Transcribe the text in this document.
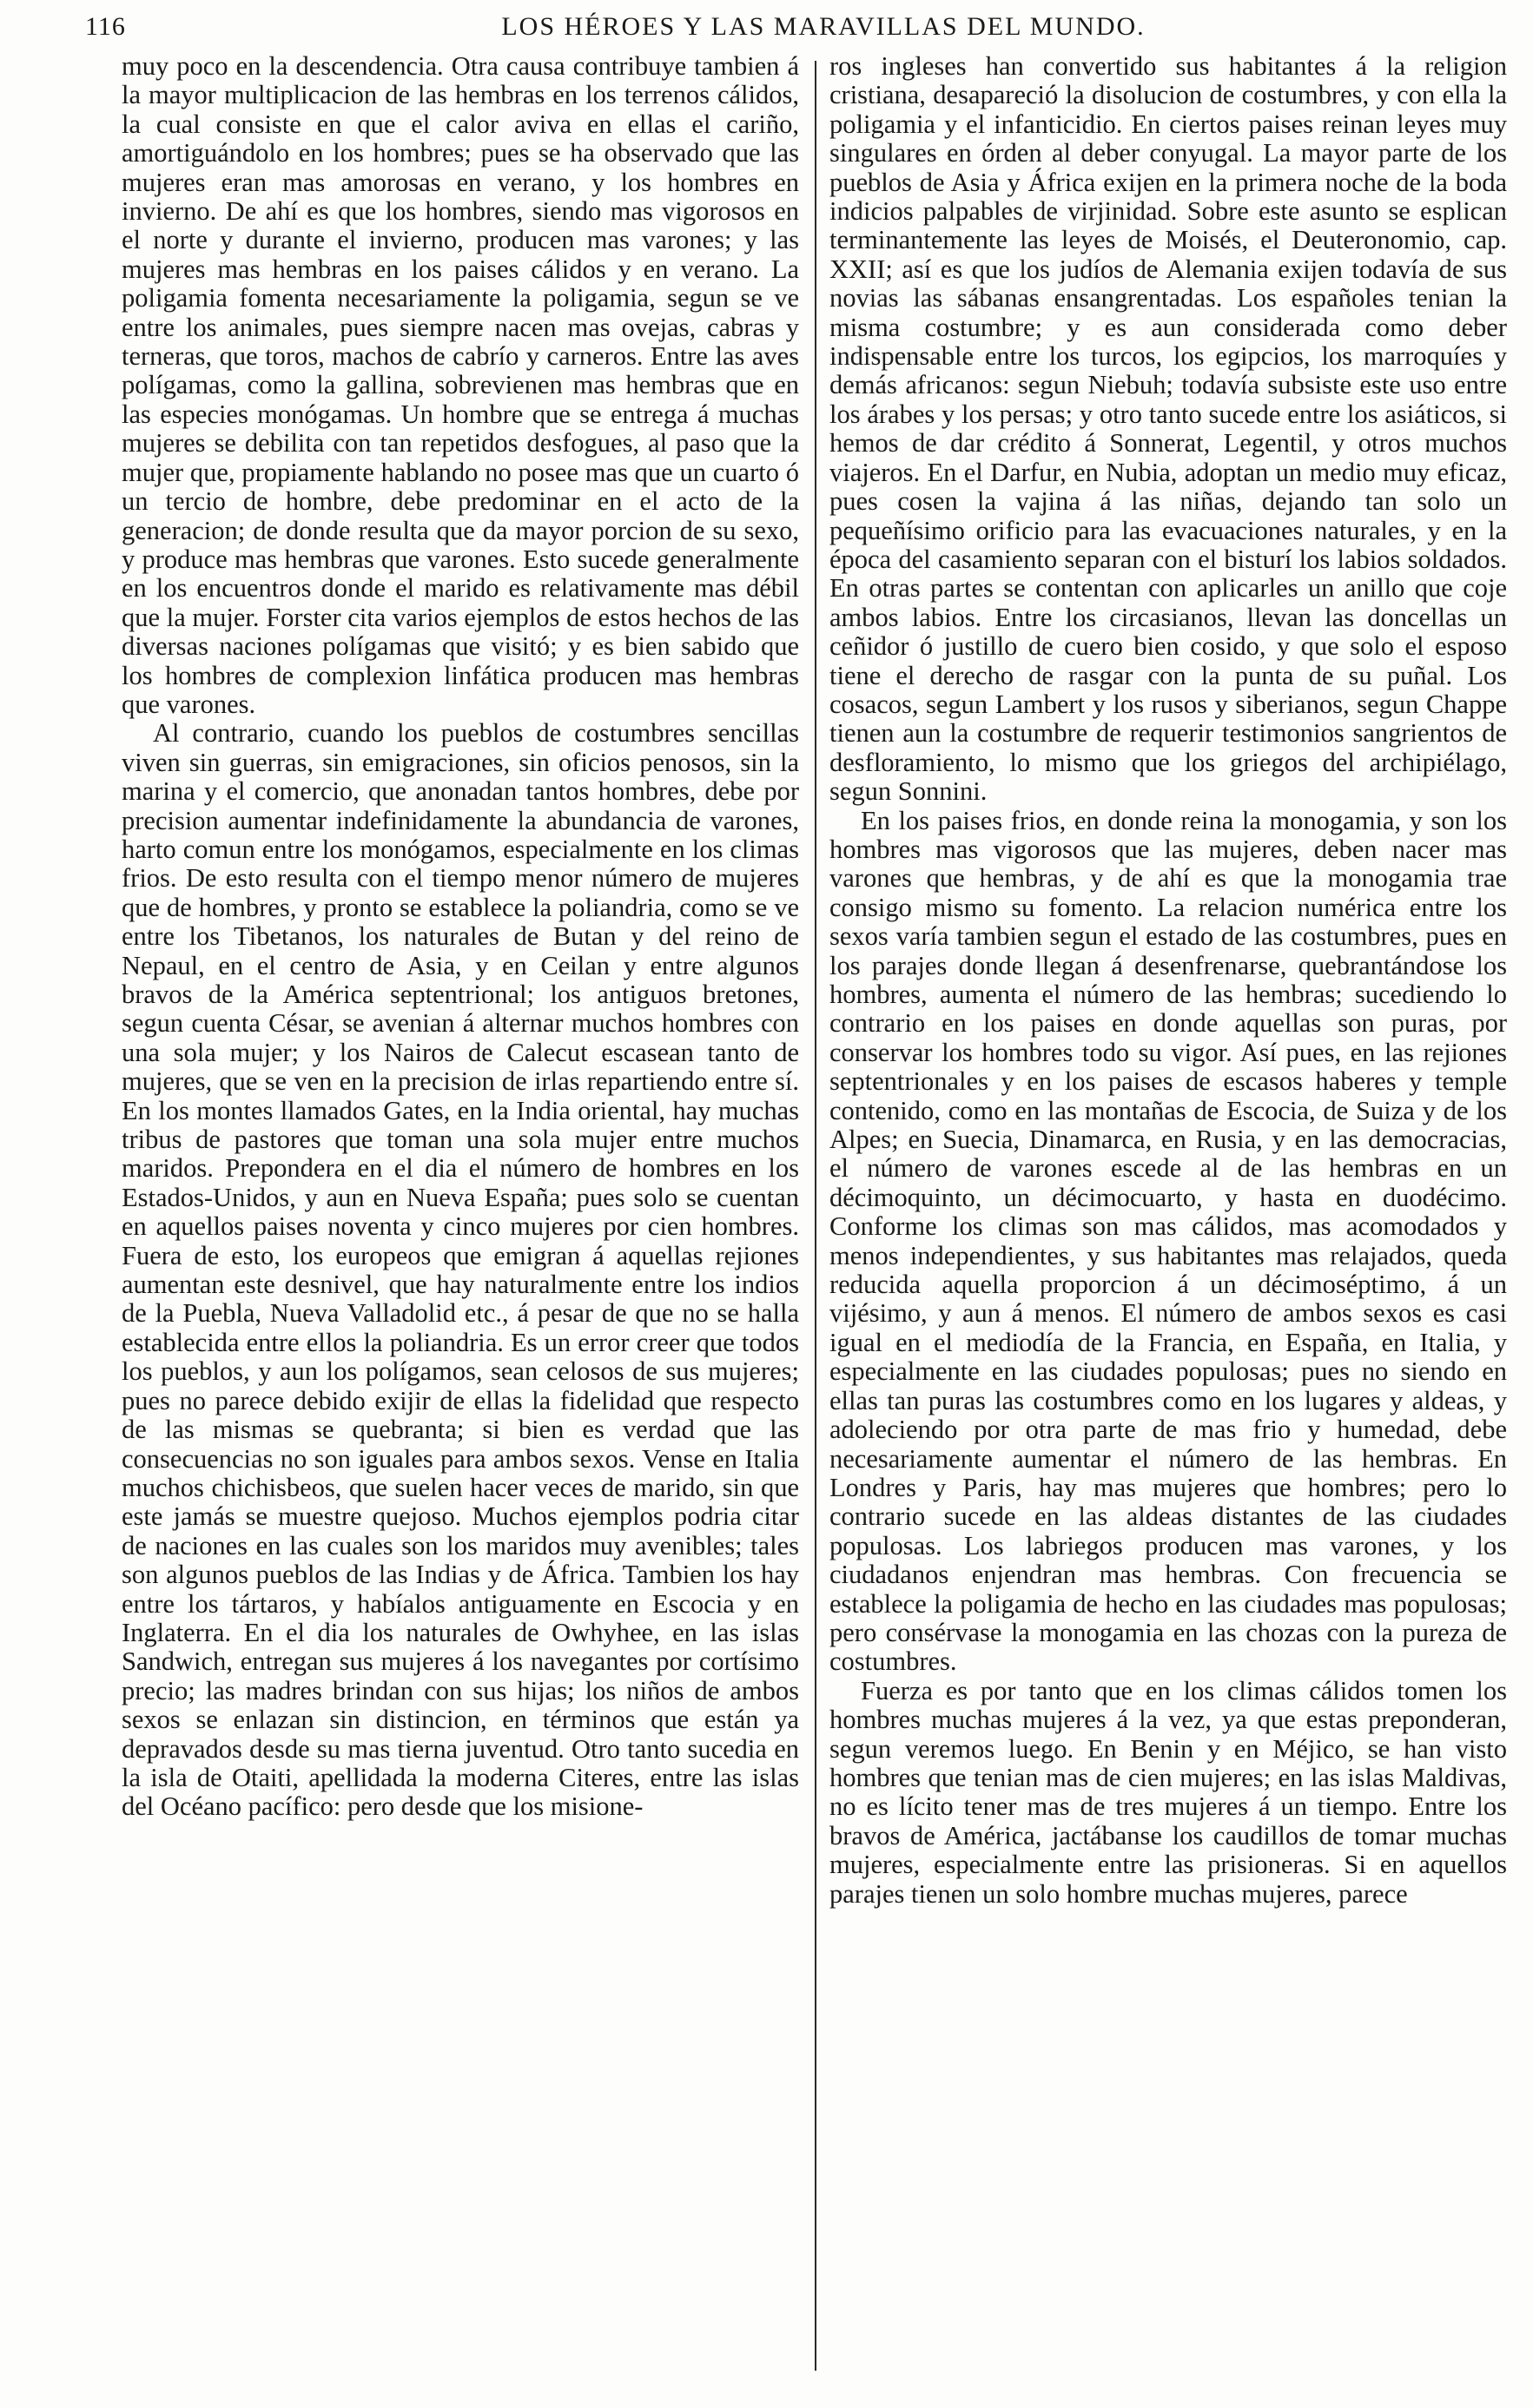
116	LOS HÉROES Y LAS MARAVILLAS DEL MUNDO.

muy poco en la descendencia. Otra causa contribuye tambien á la mayor multiplicacion de las hembras en los terrenos cálidos, la cual consiste en que el calor aviva en ellas el cariño, amortiguándolo en los hombres; pues se ha observado que las mujeres eran mas amorosas en verano, y los hombres en invierno. De ahí es que los hombres, siendo mas vigorosos en el norte y durante el invierno, producen mas varones; y las mujeres mas hembras en los paises cálidos y en verano. La poligamia fomenta necesariamente la poligamia, segun se ve entre los animales, pues siempre nacen mas ovejas, cabras y terneras, que toros, machos de cabrío y carneros. Entre las aves polígamas, como la gallina, sobrevienen mas hembras que en las especies monógamas. Un hombre que se entrega á muchas mujeres se debilita con tan repetidos desfogues, al paso que la mujer que, propiamente hablando no posee mas que un cuarto ó un tercio de hombre, debe predominar en el acto de la generacion; de donde resulta que da mayor porcion de su sexo, y produce mas hembras que varones. Esto sucede generalmente en los encuentros donde el marido es relativamente mas débil que la mujer. Forster cita varios ejemplos de estos hechos de las diversas naciones polígamas que visitó; y es bien sabido que los hombres de complexion linfática producen mas hembras que varones.

Al contrario, cuando los pueblos de costumbres sencillas viven sin guerras, sin emigraciones, sin oficios penosos, sin la marina y el comercio, que anonadan tantos hombres, debe por precision aumentar indefinidamente la abundancia de varones, harto comun entre los monógamos, especialmente en los climas frios. De esto resulta con el tiempo menor número de mujeres que de hombres, y pronto se establece la poliandria, como se ve entre los Tibetanos, los naturales de Butan y del reino de Nepaul, en el centro de Asia, y en Ceilan y entre algunos bravos de la América septentrional; los antiguos bretones, segun cuenta César, se avenian á alternar muchos hombres con una sola mujer; y los Nairos de Calecut escasean tanto de mujeres, que se ven en la precision de irlas repartiendo entre sí. En los montes llamados Gates, en la India oriental, hay muchas tribus de pastores que toman una sola mujer entre muchos maridos. Prepondera en el dia el número de hombres en los Estados-Unidos, y aun en Nueva España; pues solo se cuentan en aquellos paises noventa y cinco mujeres por cien hombres. Fuera de esto, los europeos que emigran á aquellas rejiones aumentan este desnivel, que hay naturalmente entre los indios de la Puebla, Nueva Valladolid etc., á pesar de que no se halla establecida entre ellos la poliandria. Es un error creer que todos los pueblos, y aun los polígamos, sean celosos de sus mujeres; pues no parece debido exijir de ellas la fidelidad que respecto de las mismas se quebranta; si bien es verdad que las consecuencias no son iguales para ambos sexos. Vense en Italia muchos chichisbeos, que suelen hacer veces de marido, sin que este jamás se muestre quejoso. Muchos ejemplos podria citar de naciones en las cuales son los maridos muy avenibles; tales son algunos pueblos de las Indias y de África. Tambien los hay entre los tártaros, y habíalos antiguamente en Escocia y en Inglaterra. En el dia los naturales de Owhyhee, en las islas Sandwich, entregan sus mujeres á los navegantes por cortísimo precio; las madres brindan con sus hijas; los niños de ambos sexos se enlazan sin distincion, en términos que están ya depravados desde su mas tierna juventud. Otro tanto sucedia en la isla de Otaiti, apellidada la moderna Citeres, entre las islas del Océano pacífico: pero desde que los misione-

ros ingleses han convertido sus habitantes á la religion cristiana, desapareció la disolucion de costumbres, y con ella la poligamia y el infanticidio. En ciertos paises reinan leyes muy singulares en órden al deber conyugal. La mayor parte de los pueblos de Asia y África exijen en la primera noche de la boda indicios palpables de virjinidad. Sobre este asunto se esplican terminantemente las leyes de Moisés, el Deuteronomio, cap. XXII; así es que los judíos de Alemania exijen todavía de sus novias las sábanas ensangrentadas. Los españoles tenian la misma costumbre; y es aun considerada como deber indispensable entre los turcos, los egipcios, los marroquíes y demás africanos: segun Niebuh; todavía subsiste este uso entre los árabes y los persas; y otro tanto sucede entre los asiáticos, si hemos de dar crédito á Sonnerat, Legentil, y otros muchos viajeros. En el Darfur, en Nubia, adoptan un medio muy eficaz, pues cosen la vajina á las niñas, dejando tan solo un pequeñísimo orificio para las evacuaciones naturales, y en la época del casamiento separan con el bisturí los labios soldados. En otras partes se contentan con aplicarles un anillo que coje ambos labios. Entre los circasianos, llevan las doncellas un ceñidor ó justillo de cuero bien cosido, y que solo el esposo tiene el derecho de rasgar con la punta de su puñal. Los cosacos, segun Lambert y los rusos y siberianos, segun Chappe tienen aun la costumbre de requerir testimonios sangrientos de desfloramiento, lo mismo que los griegos del archipiélago, segun Sonnini.

En los paises frios, en donde reina la monogamia, y son los hombres mas vigorosos que las mujeres, deben nacer mas varones que hembras, y de ahí es que la monogamia trae consigo mismo su fomento. La relacion numérica entre los sexos varía tambien segun el estado de las costumbres, pues en los parajes donde llegan á desenfrenarse, quebrantándose los hombres, aumenta el número de las hembras; sucediendo lo contrario en los paises en donde aquellas son puras, por conservar los hombres todo su vigor. Así pues, en las rejiones septentrionales y en los paises de escasos haberes y temple contenido, como en las montañas de Escocia, de Suiza y de los Alpes; en Suecia, Dinamarca, en Rusia, y en las democracias, el número de varones escede al de las hembras en un décimoquinto, un décimocuarto, y hasta en duodécimo. Conforme los climas son mas cálidos, mas acomodados y menos independientes, y sus habitantes mas relajados, queda reducida aquella proporcion á un décimoséptimo, á un vijésimo, y aun á menos. El número de ambos sexos es casi igual en el mediodía de la Francia, en España, en Italia, y especialmente en las ciudades populosas; pues no siendo en ellas tan puras las costumbres como en los lugares y aldeas, y adoleciendo por otra parte de mas frio y humedad, debe necesariamente aumentar el número de las hembras. En Londres y Paris, hay mas mujeres que hombres; pero lo contrario sucede en las aldeas distantes de las ciudades populosas. Los labriegos producen mas varones, y los ciudadanos enjendran mas hembras. Con frecuencia se establece la poligamia de hecho en las ciudades mas populosas; pero consérvase la monogamia en las chozas con la pureza de costumbres.

Fuerza es por tanto que en los climas cálidos tomen los hombres muchas mujeres á la vez, ya que estas preponderan, segun veremos luego. En Benin y en Méjico, se han visto hombres que tenian mas de cien mujeres; en las islas Maldivas, no es lícito tener mas de tres mujeres á un tiempo. Entre los bravos de América, jactábanse los caudillos de tomar muchas mujeres, especialmente entre las prisioneras. Si en aquellos parajes tienen un solo hombre muchas mujeres, parece
